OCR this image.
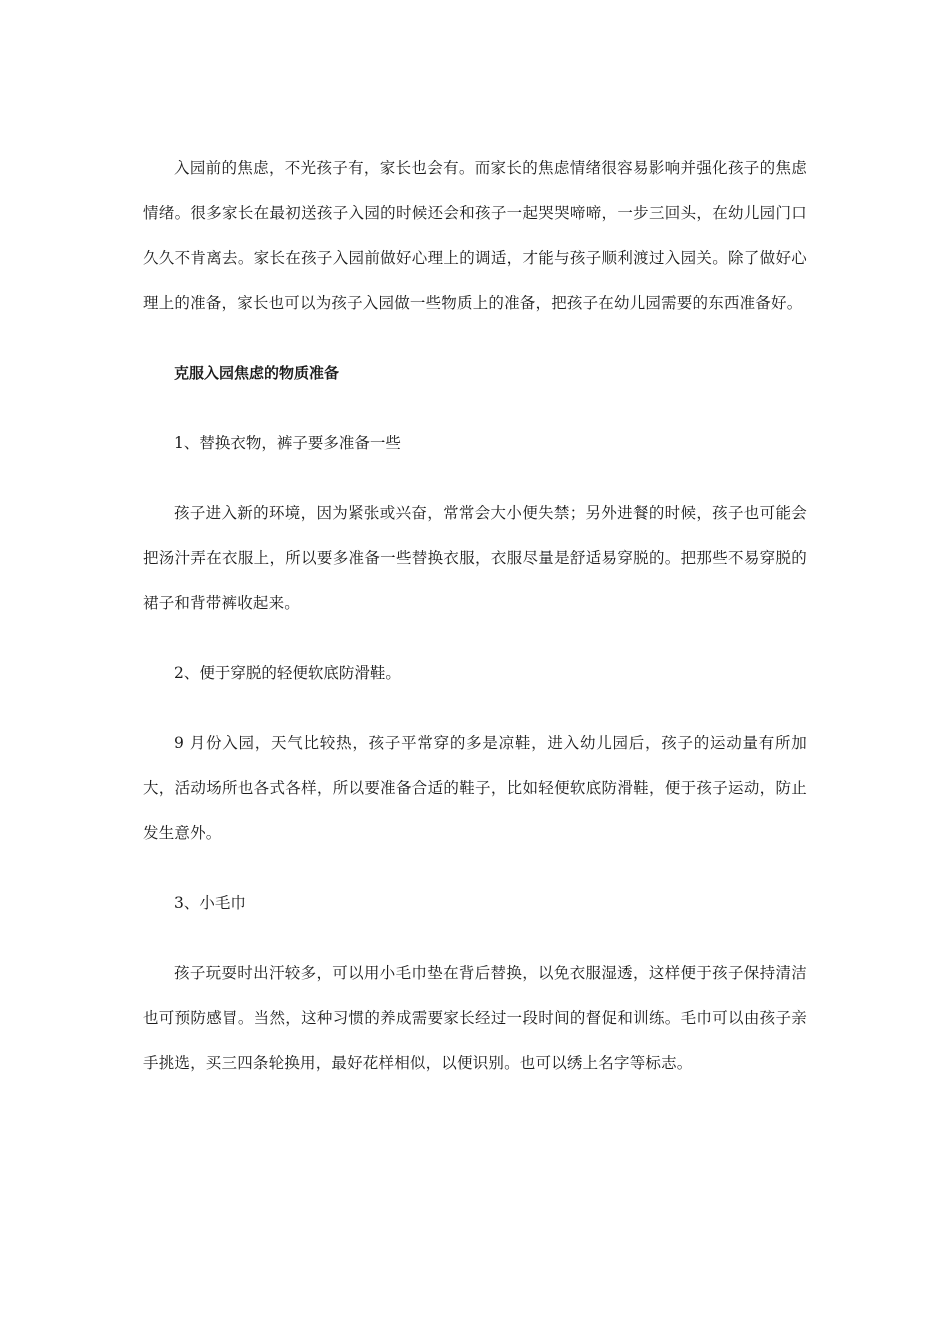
入园前的焦虑，不光孩子有，家长也会有。而家长的焦虑情绪很容易影响并强化孩子的焦虑情绪。很多家长在最初送孩子入园的时候还会和孩子一起哭哭啼啼，一步三回头，在幼儿园门口久久不肯离去。家长在孩子入园前做好心理上的调适，才能与孩子顺利渡过入园关。除了做好心理上的准备，家长也可以为孩子入园做一些物质上的准备，把孩子在幼儿园需要的东西准备好。

克服入园焦虑的物质准备

1、替换衣物，裤子要多准备一些

孩子进入新的环境，因为紧张或兴奋，常常会大小便失禁；另外进餐的时候，孩子也可能会把汤汁弄在衣服上，所以要多准备一些替换衣服，衣服尽量是舒适易穿脱的。把那些不易穿脱的裙子和背带裤收起来。

2、便于穿脱的轻便软底防滑鞋。

9 月份入园，天气比较热，孩子平常穿的多是凉鞋，进入幼儿园后，孩子的运动量有所加大，活动场所也各式各样，所以要准备合适的鞋子，比如轻便软底防滑鞋，便于孩子运动，防止发生意外。

3、小毛巾

孩子玩耍时出汗较多，可以用小毛巾垫在背后替换，以免衣服湿透，这样便于孩子保持清洁也可预防感冒。当然，这种习惯的养成需要家长经过一段时间的督促和训练。毛巾可以由孩子亲手挑选，买三四条轮换用，最好花样相似，以便识别。也可以绣上名字等标志。
